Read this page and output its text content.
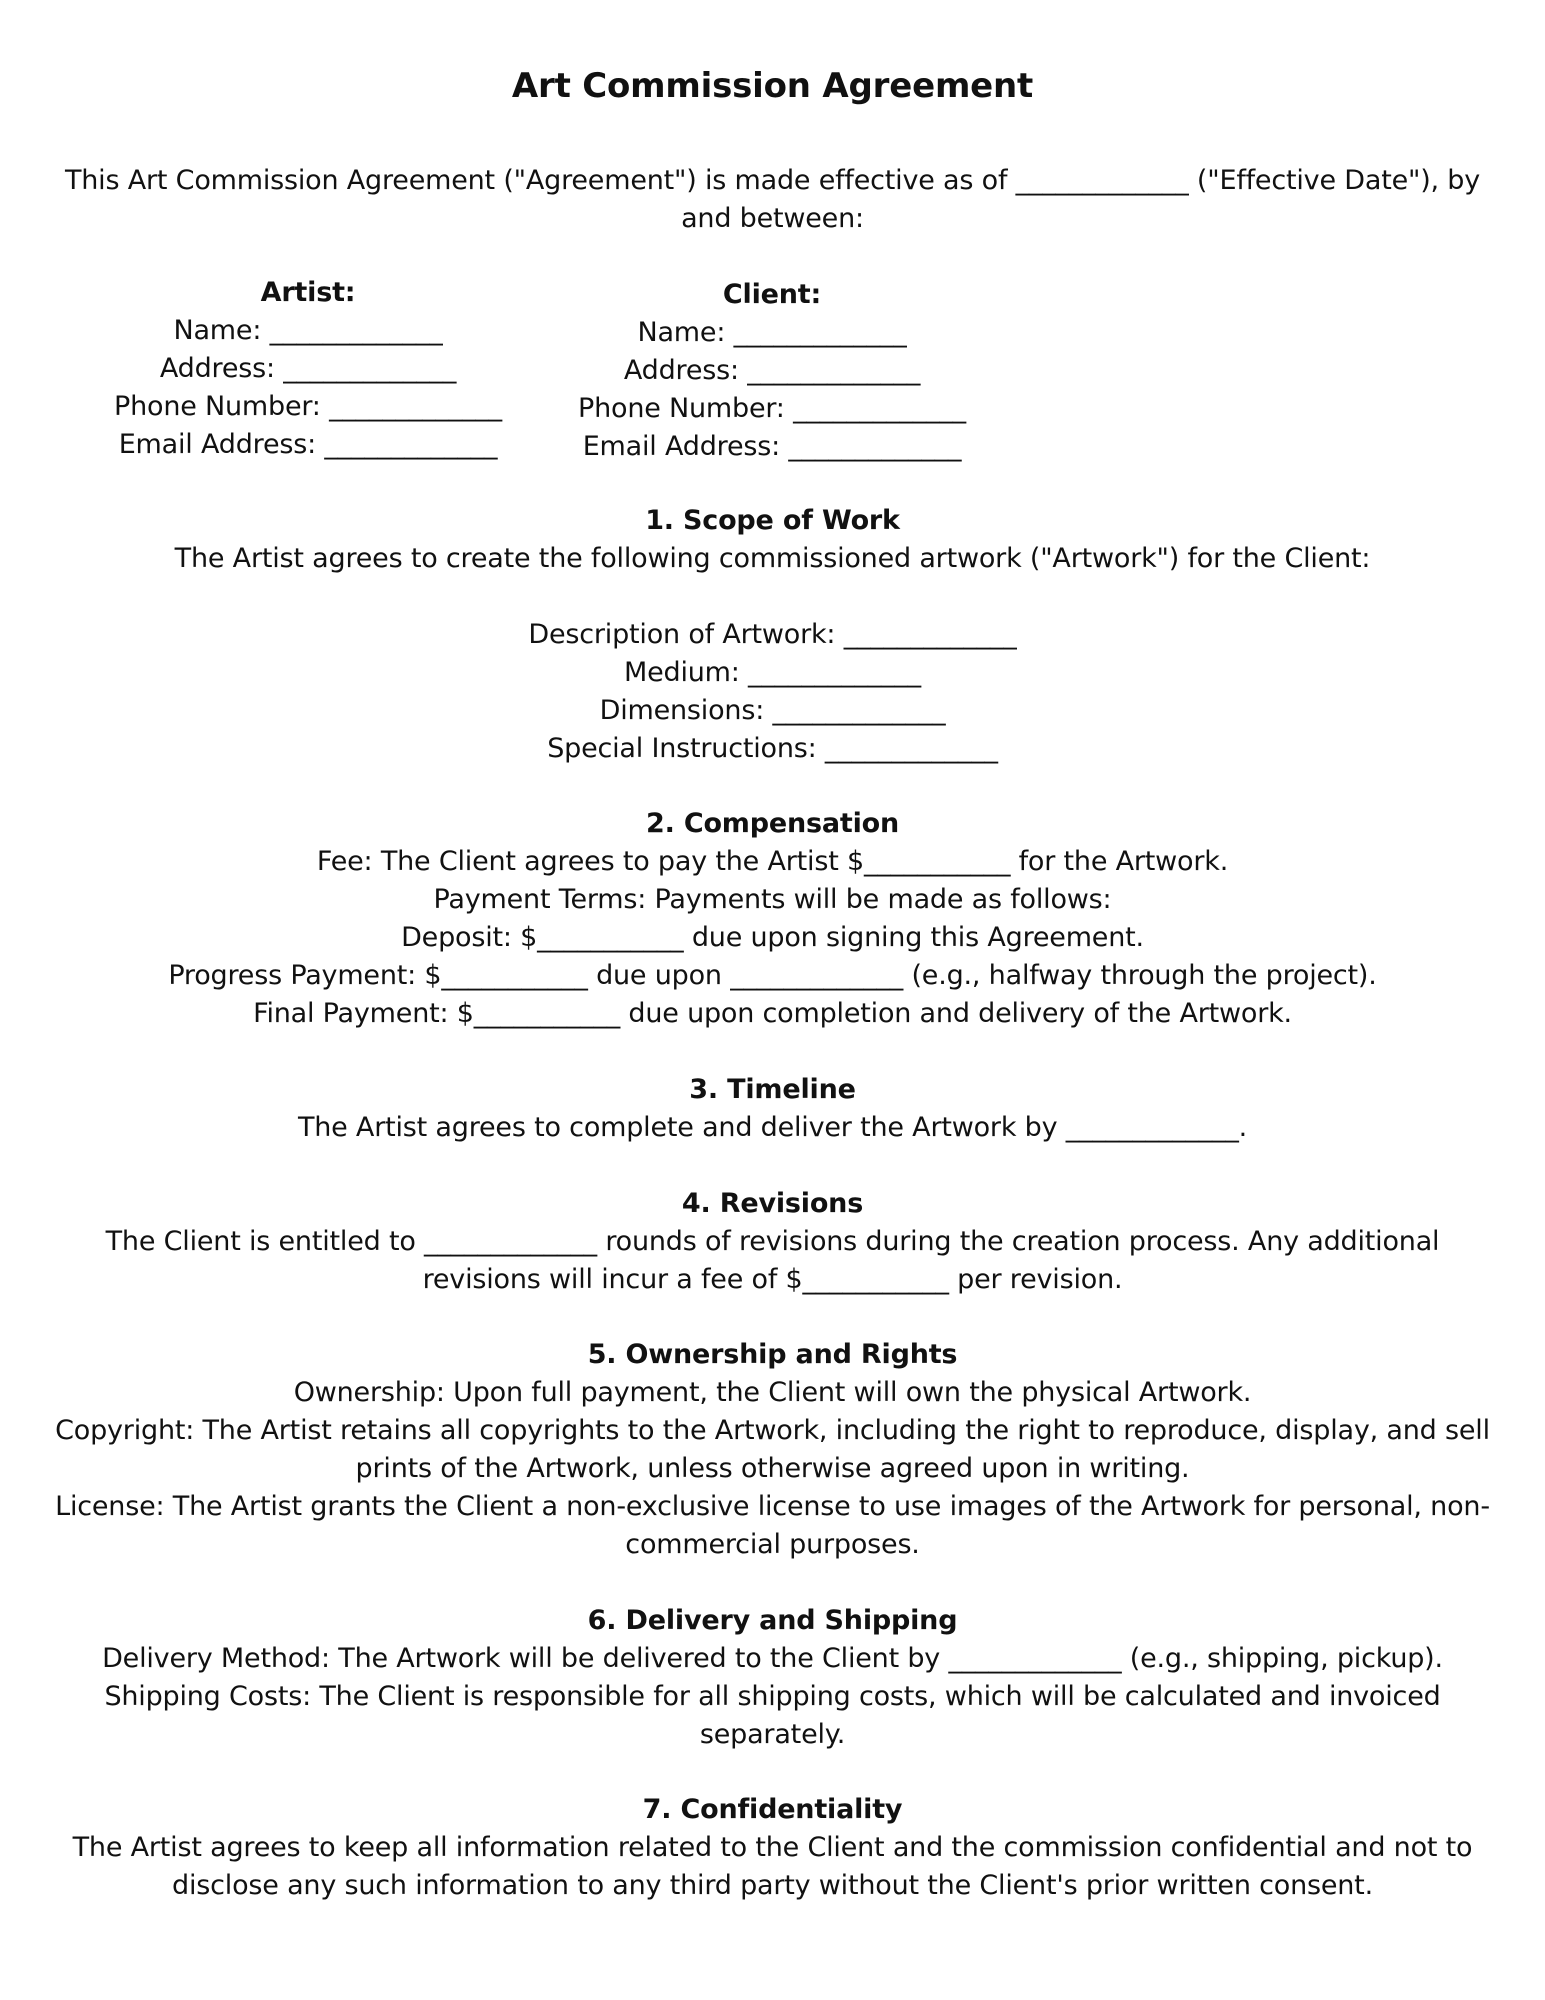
Art Commission Agreement
This Art Commission Agreement ("Agreement") is made effective as of _____________ ("Effective Date"), by
and between:
Artist:
Name: _____________
Address: _____________
Phone Number: _____________
Email Address: _____________
Client:
Name: _____________
Address: _____________
Phone Number: _____________
Email Address: _____________
1. Scope of Work
The Artist agrees to create the following commissioned artwork ("Artwork") for the Client:
Description of Artwork: _____________
Medium: _____________
Dimensions: _____________
Special Instructions: _____________
2. Compensation
Fee: The Client agrees to pay the Artist $___________ for the Artwork.
Payment Terms: Payments will be made as follows:
Deposit: $___________ due upon signing this Agreement.
Progress Payment: $___________ due upon _____________ (e.g., halfway through the project).
Final Payment: $___________ due upon completion and delivery of the Artwork.
3. Timeline
The Artist agrees to complete and deliver the Artwork by _____________.
4. Revisions
The Client is entitled to _____________ rounds of revisions during the creation process. Any additional
revisions will incur a fee of $___________ per revision.
5. Ownership and Rights
Ownership: Upon full payment, the Client will own the physical Artwork.
Copyright: The Artist retains all copyrights to the Artwork, including the right to reproduce, display, and sell
prints of the Artwork, unless otherwise agreed upon in writing.
License: The Artist grants the Client a non-exclusive license to use images of the Artwork for personal, non-
commercial purposes.
6. Delivery and Shipping
Delivery Method: The Artwork will be delivered to the Client by _____________ (e.g., shipping, pickup).
Shipping Costs: The Client is responsible for all shipping costs, which will be calculated and invoiced
separately.
7. Confidentiality
The Artist agrees to keep all information related to the Client and the commission confidential and not to
disclose any such information to any third party without the Client's prior written consent.
